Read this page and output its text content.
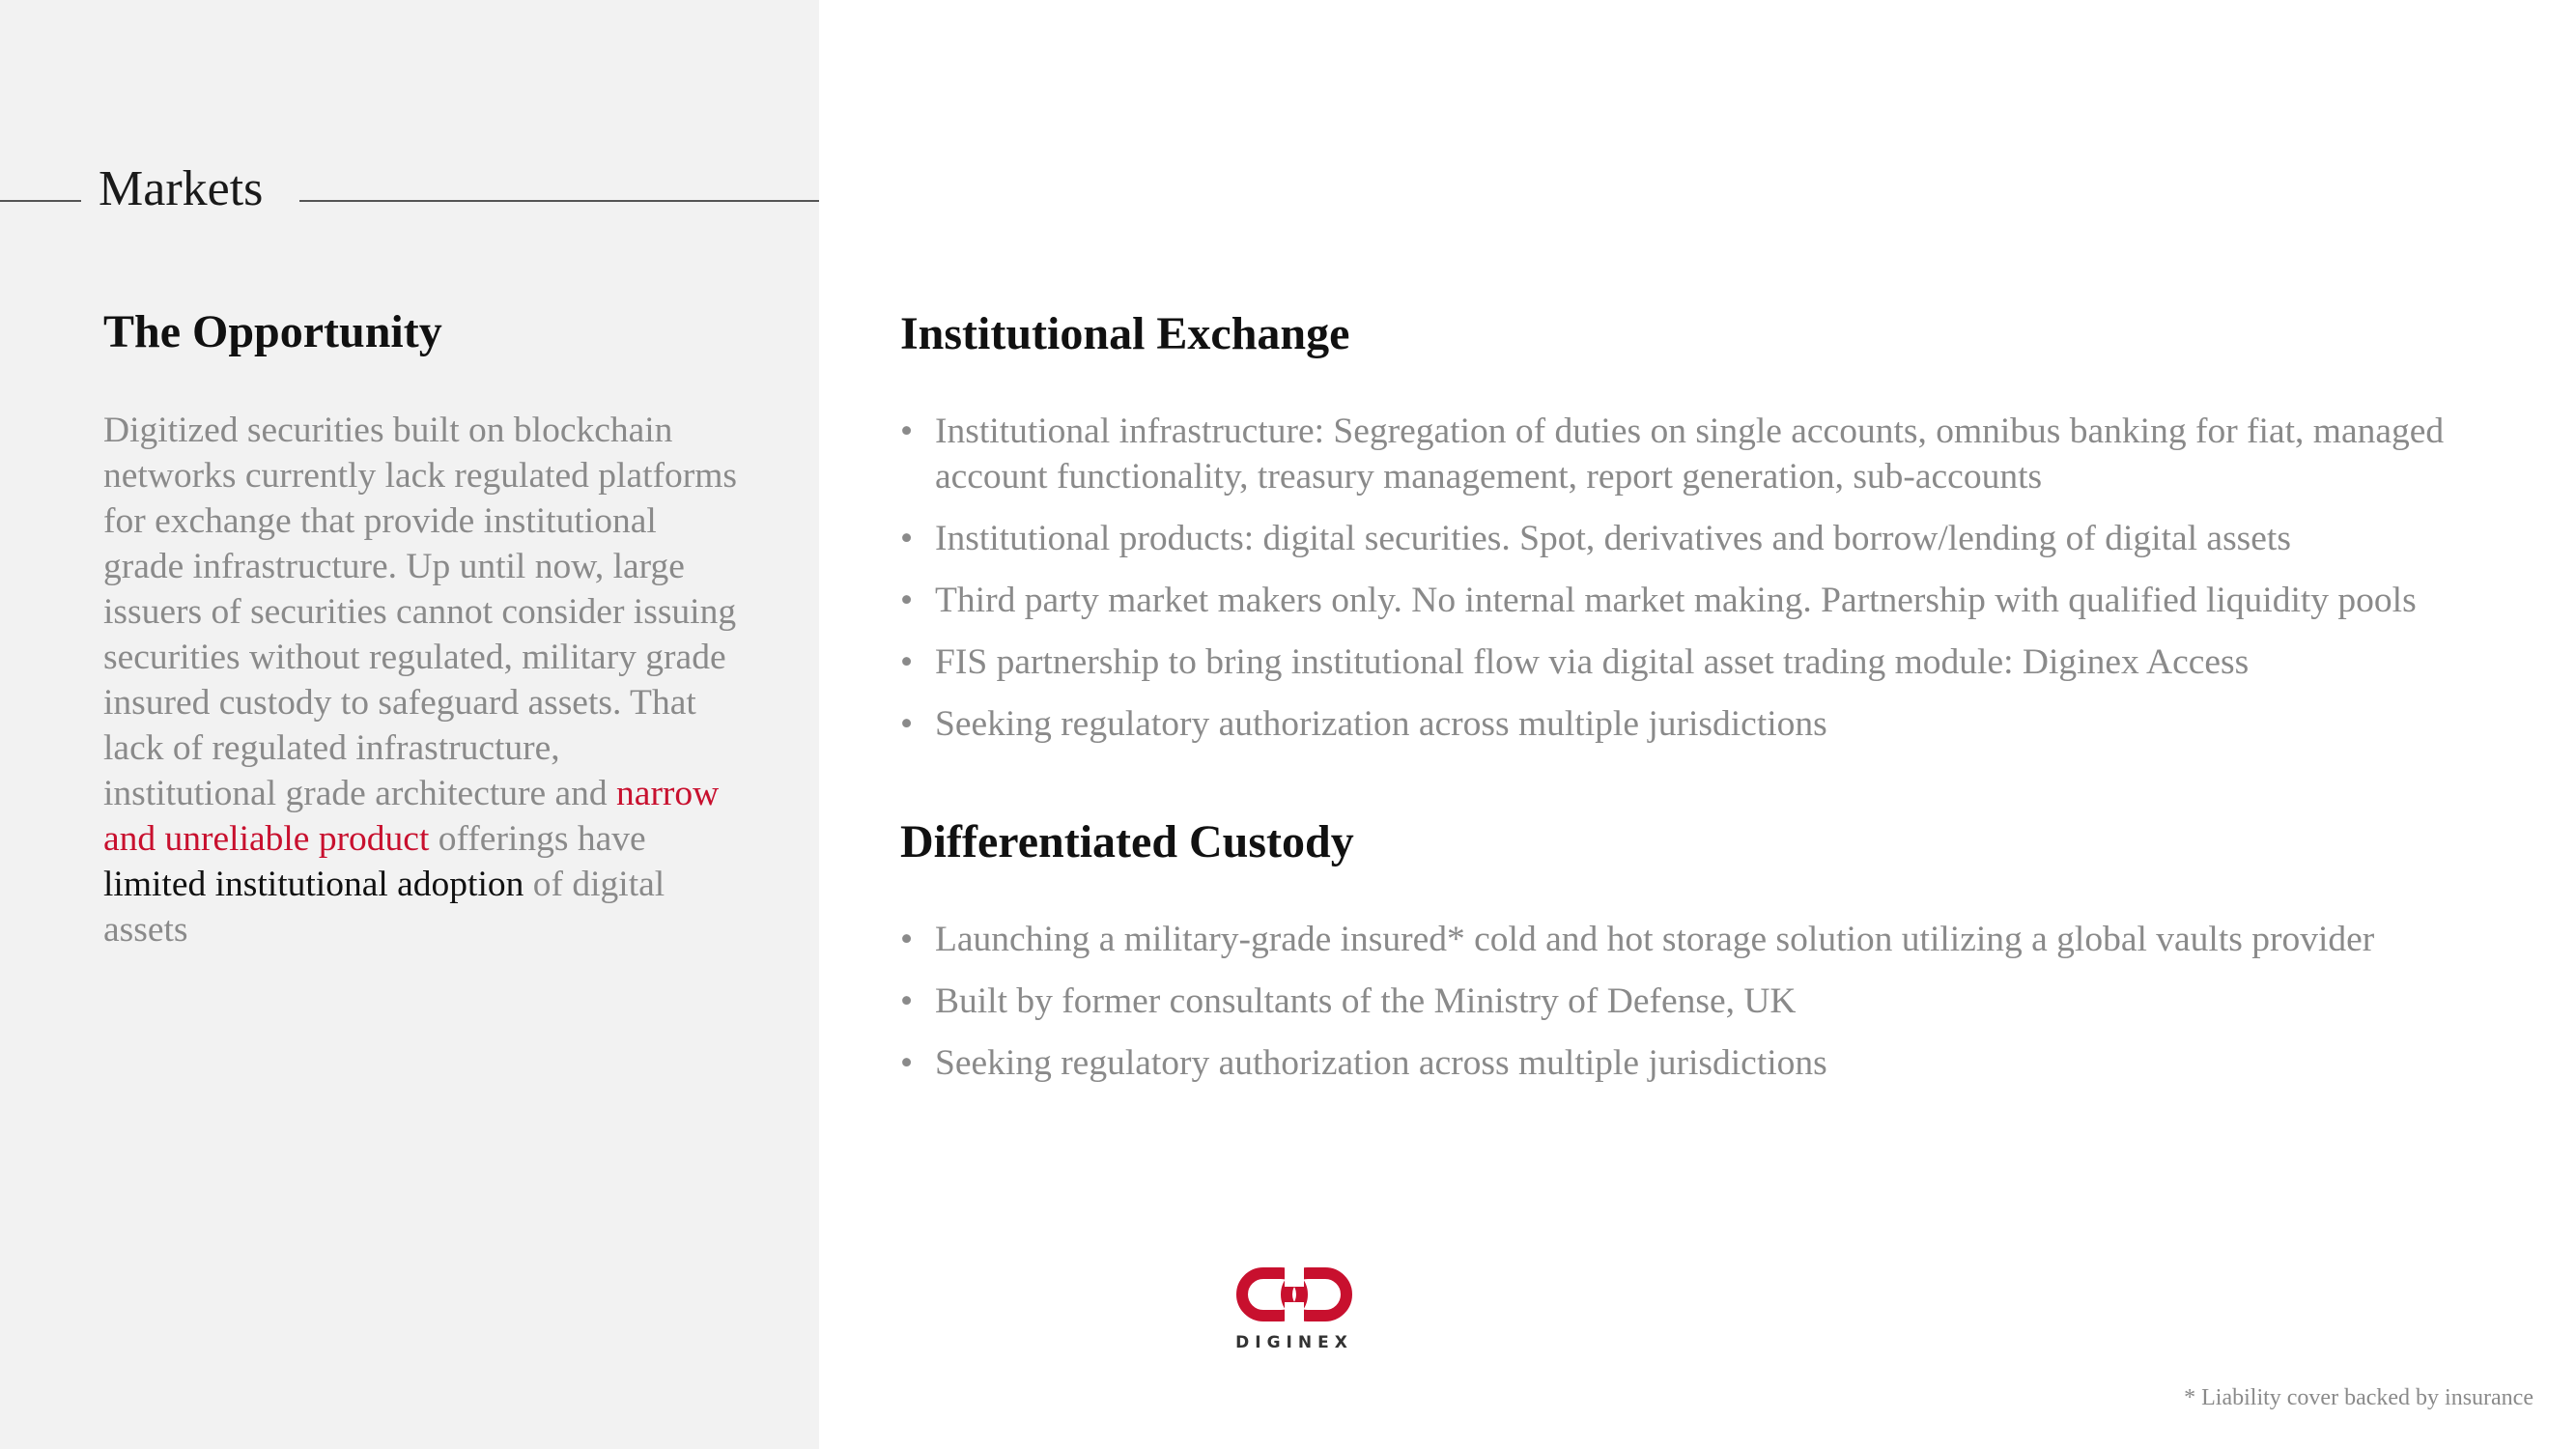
Markets
The Opportunity
Digitized securities built on blockchain networks currently lack regulated platforms for exchange that provide institutional grade infrastructure. Up until now, large issuers of securities cannot consider issuing securities without regulated, military grade insured custody to safeguard assets. That lack of regulated infrastructure, institutional grade architecture and narrow and unreliable product offerings have limited institutional adoption of digital assets
Institutional Exchange
• Institutional infrastructure: Segregation of duties on single accounts, omnibus banking for fiat, managed account functionality, treasury management, report generation, sub-accounts
• Institutional products: digital securities. Spot, derivatives and borrow/lending of digital assets
• Third party market makers only. No internal market making. Partnership with qualified liquidity pools
• FIS partnership to bring institutional flow via digital asset trading module: Diginex Access
• Seeking regulatory authorization across multiple jurisdictions
Differentiated Custody
• Launching a military-grade insured* cold and hot storage solution utilizing a global vaults provider
• Built by former consultants of the Ministry of Defense, UK
• Seeking regulatory authorization across multiple jurisdictions
DIGINEX
* Liability cover backed by insurance
